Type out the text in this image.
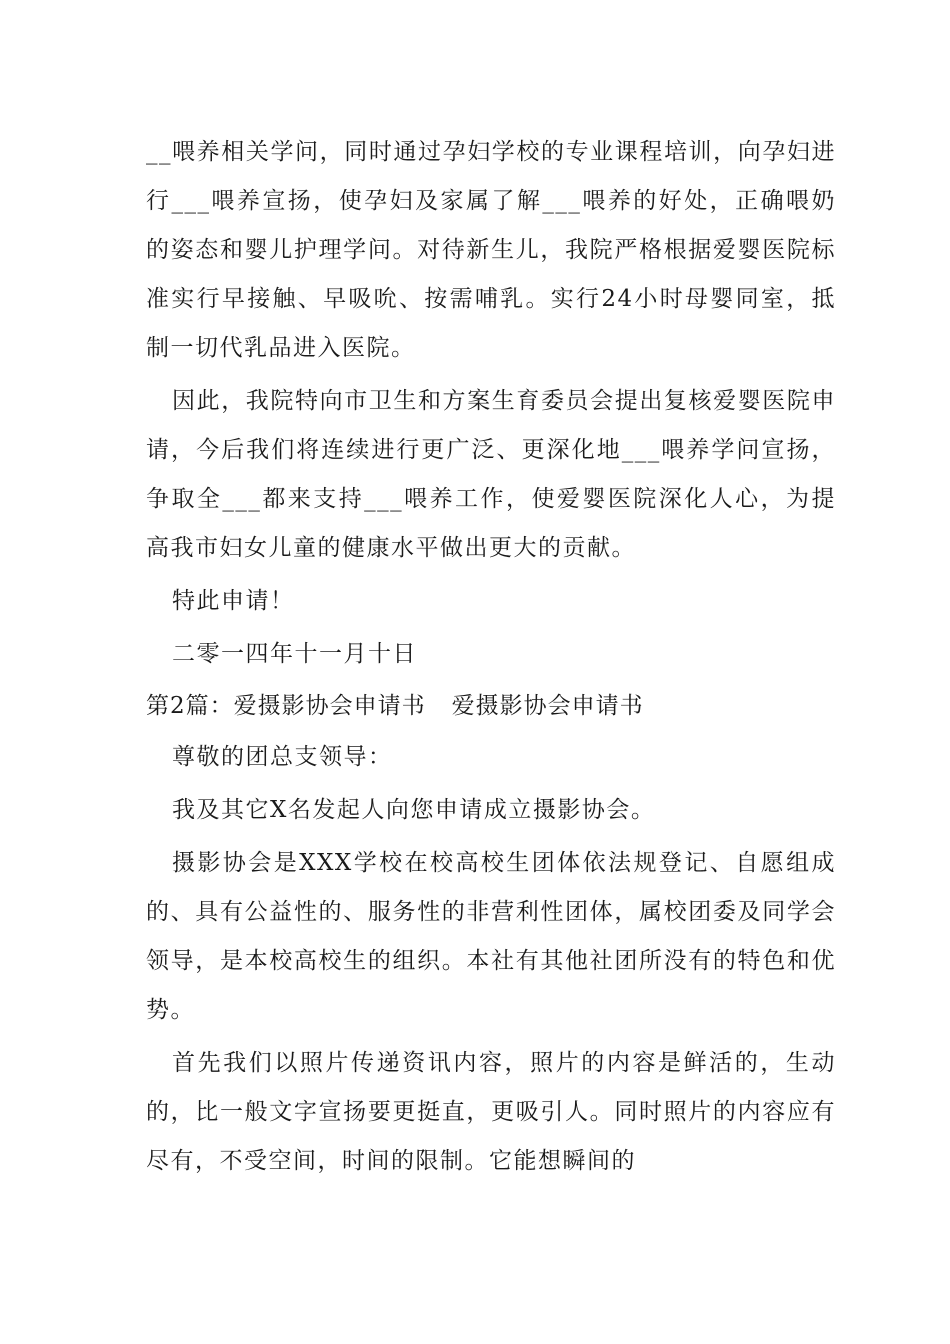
__喂养相关学问，同时通过孕妇学校的专业课程培训，向孕妇进行___喂养宣扬，使孕妇及家属了解___喂养的好处，正确喂奶的姿态和婴儿护理学问。对待新生儿，我院严格根据爱婴医院标准实行早接触、早吸吮、按需哺乳。实行24小时母婴同室，抵制一切代乳品进入医院。

因此，我院特向市卫生和方案生育委员会提出复核爱婴医院申请，今后我们将连续进行更广泛、更深化地___喂养学问宣扬，争取全___都来支持___喂养工作，使爱婴医院深化人心，为提高我市妇女儿童的健康水平做出更大的贡献。

特此申请！

二零一四年十一月十日

第2篇：爱摄影协会申请书 爱摄影协会申请书

尊敬的团总支领导：

我及其它X名发起人向您申请成立摄影协会。

摄影协会是XXX学校在校高校生团体依法规登记、自愿组成的、具有公益性的、服务性的非营利性团体，属校团委及同学会领导，是本校高校生的组织。本社有其他社团所没有的特色和优势。

首先我们以照片传递资讯内容，照片的内容是鲜活的，生动的，比一般文字宣扬要更挺直，更吸引人。同时照片的内容应有尽有，不受空间，时间的限制。它能想瞬间的
